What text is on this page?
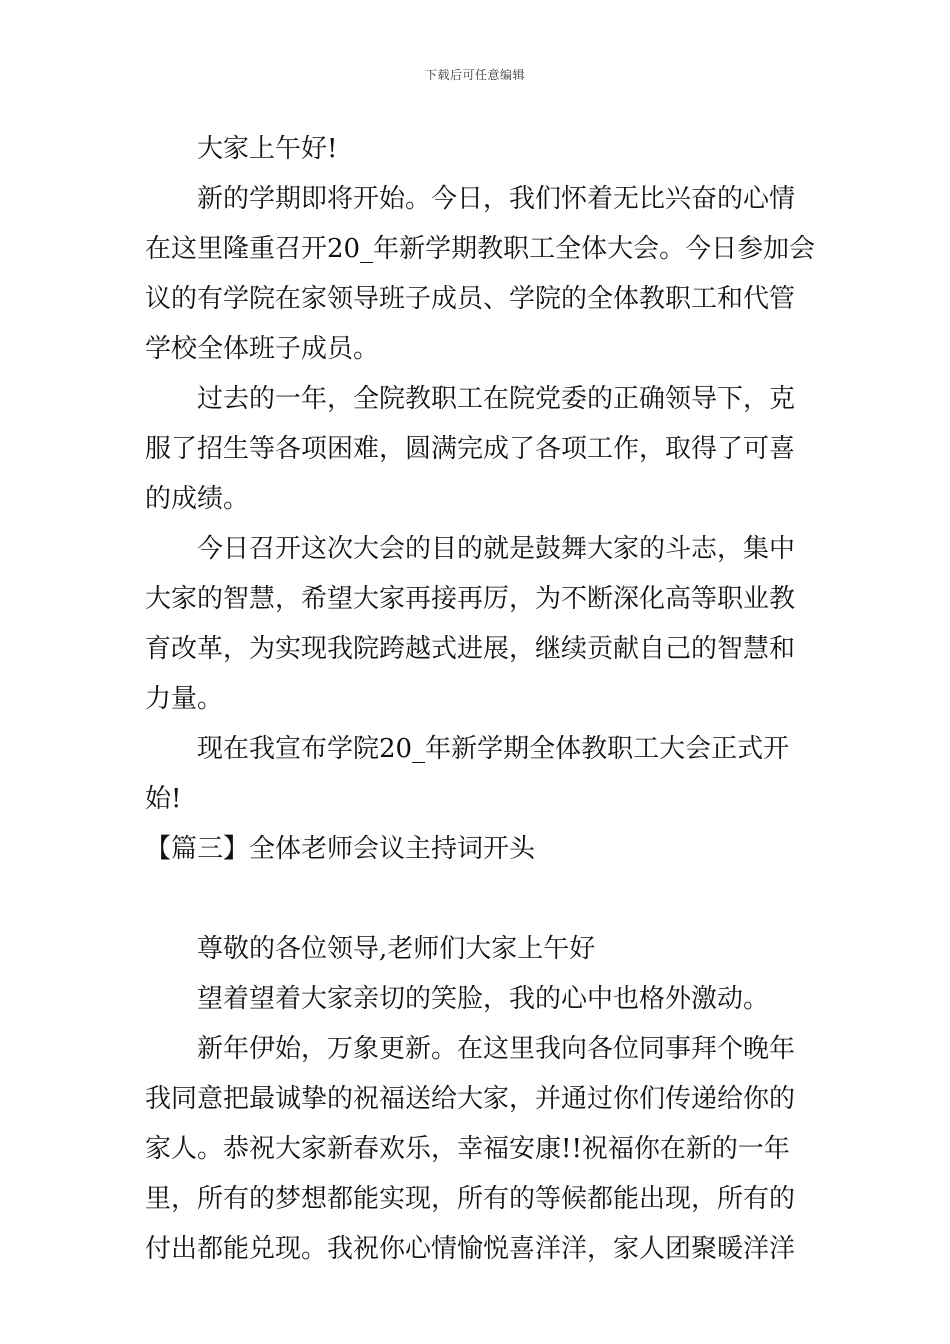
下载后可任意编辑

大家上午好!

新的学期即将开始。今日，我们怀着无比兴奋的心情在这里隆重召开20_年新学期教职工全体大会。今日参加会议的有学院在家领导班子成员、学院的全体教职工和代管学校全体班子成员。

过去的一年，全院教职工在院党委的正确领导下，克服了招生等各项困难，圆满完成了各项工作，取得了可喜的成绩。

今日召开这次大会的目的就是鼓舞大家的斗志，集中大家的智慧，希望大家再接再厉，为不断深化高等职业教育改革，为实现我院跨越式进展，继续贡献自己的智慧和力量。

现在我宣布学院20_年新学期全体教职工大会正式开始!

【篇三】全体老师会议主持词开头

尊敬的各位领导,老师们大家上午好

望着望着大家亲切的笑脸，我的心中也格外激动。

新年伊始，万象更新。在这里我向各位同事拜个晚年我同意把最诚挚的祝福送给大家，并通过你们传递给你的家人。恭祝大家新春欢乐，幸福安康!!祝福你在新的一年里，所有的梦想都能实现，所有的等候都能出现，所有的付出都能兑现。我祝你心情愉悦喜洋洋，家人团聚暖洋洋
